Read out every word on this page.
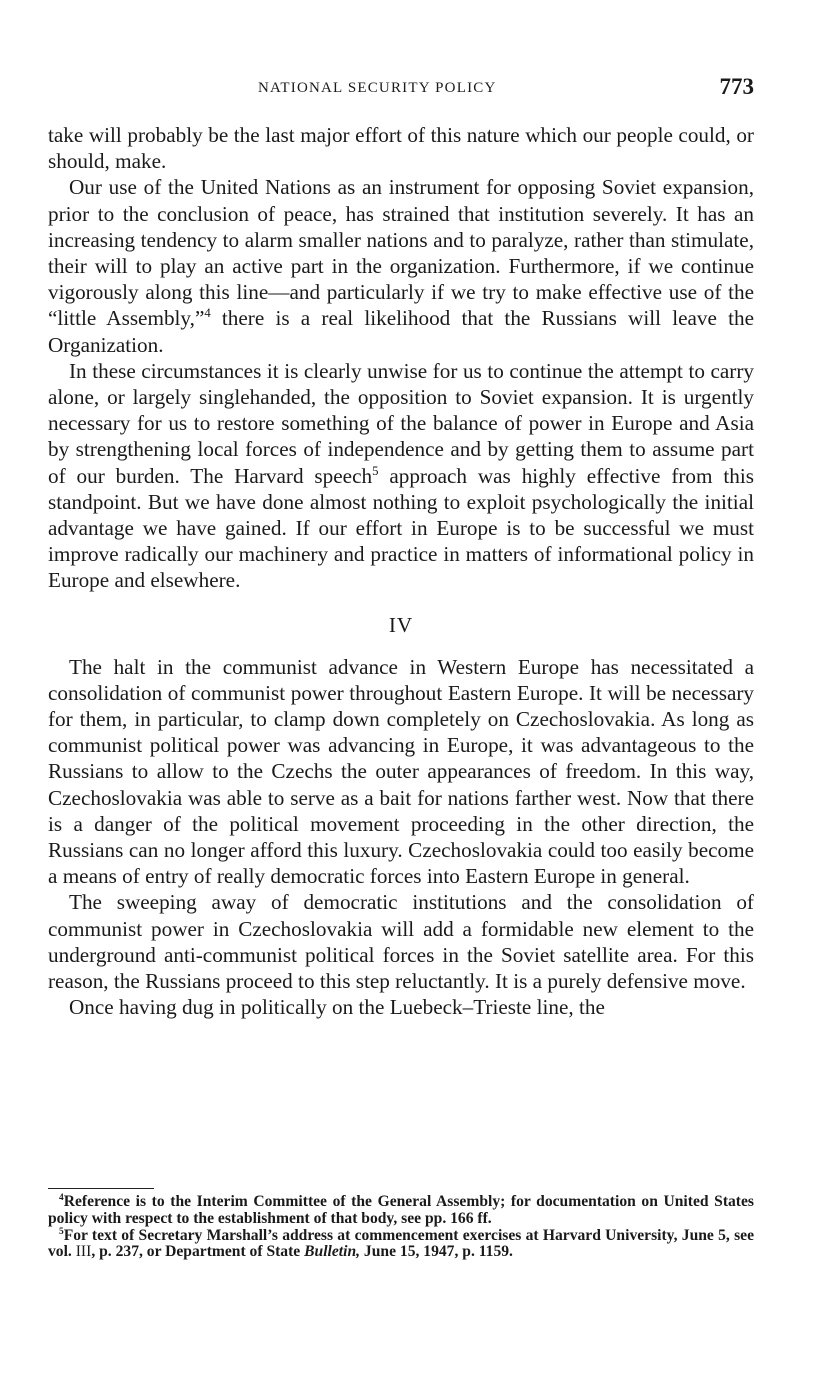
NATIONAL SECURITY POLICY	773

take will probably be the last major effort of this nature which our people could, or should, make.

Our use of the United Nations as an instrument for opposing Soviet expansion, prior to the conclusion of peace, has strained that institution severely. It has an increasing tendency to alarm smaller nations and to paralyze, rather than stimulate, their will to play an active part in the organization. Furthermore, if we continue vigorously along this line—and particularly if we try to make effective use of the “little Assembly,”$^4$ there is a real likelihood that the Russians will leave the Organization.

In these circumstances it is clearly unwise for us to continue the attempt to carry alone, or largely singlehanded, the opposition to Soviet expansion. It is urgently necessary for us to restore something of the balance of power in Europe and Asia by strengthening local forces of independence and by getting them to assume part of our burden. The Harvard speech$^5$ approach was highly effective from this standpoint. But we have done almost nothing to exploit psychologically the initial advantage we have gained. If our effort in Europe is to be successful we must improve radically our machinery and practice in matters of informational policy in Europe and elsewhere.

IV

The halt in the communist advance in Western Europe has necessitated a consolidation of communist power throughout Eastern Europe. It will be necessary for them, in particular, to clamp down completely on Czechoslovakia. As long as communist political power was advancing in Europe, it was advantageous to the Russians to allow to the Czechs the outer appearances of freedom. In this way, Czechoslovakia was able to serve as a bait for nations farther west. Now that there is a danger of the political movement proceeding in the other direction, the Russians can no longer afford this luxury. Czechoslovakia could too easily become a means of entry of really democratic forces into Eastern Europe in general.

The sweeping away of democratic institutions and the consolidation of communist power in Czechoslovakia will add a formidable new element to the underground anti-communist political forces in the Soviet satellite area. For this reason, the Russians proceed to this step reluctantly. It is a purely defensive move.

Once having dug in politically on the Luebeck–Trieste line, the

$^4$Reference is to the Interim Committee of the General Assembly; for documentation on United States policy with respect to the establishment of that body, see pp. 166 ff.

$^5$For text of Secretary Marshall’s address at commencement exercises at Harvard University, June 5, see vol. III, p. 237, or Department of State Bulletin, June 15, 1947, p. 1159.
